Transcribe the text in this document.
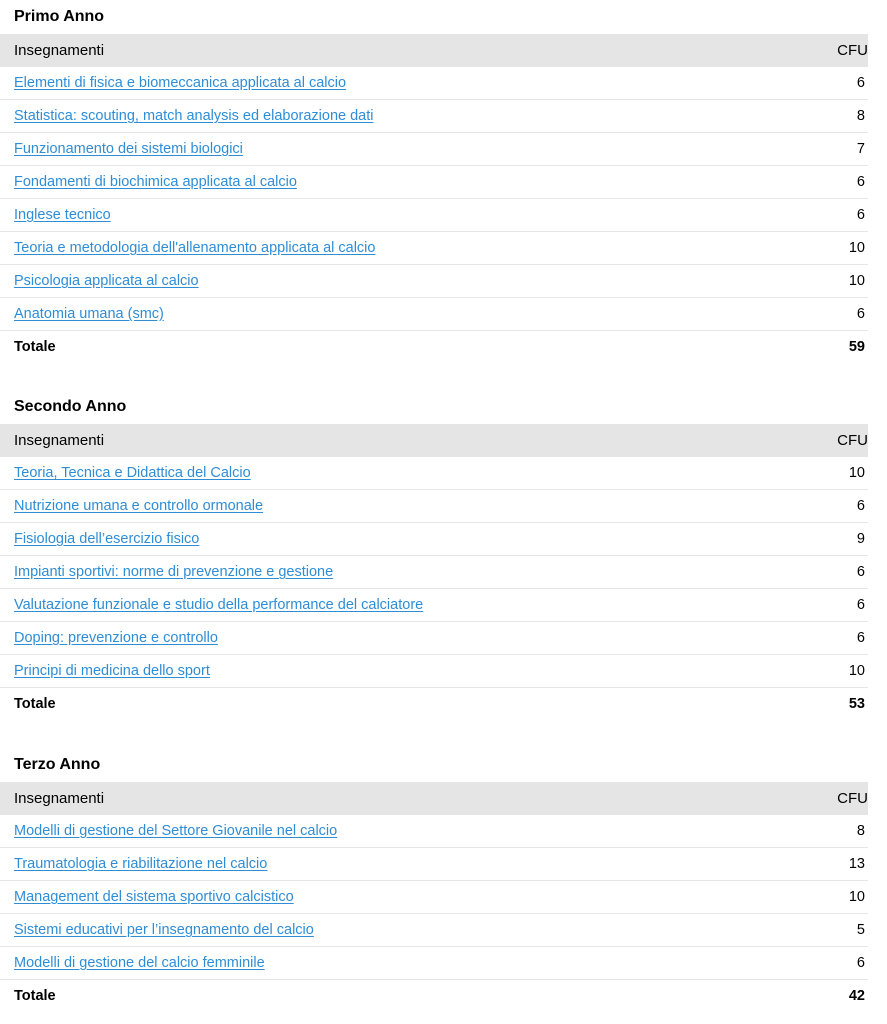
Primo Anno
Insegnamenti	CFU
Elementi di fisica e biomeccanica applicata al calcio	6
Statistica: scouting, match analysis ed elaborazione dati	8
Funzionamento dei sistemi biologici	7
Fondamenti di biochimica applicata al calcio	6
Inglese tecnico	6
Teoria e metodologia dell'allenamento applicata al calcio	10
Psicologia applicata al calcio	10
Anatomia umana (smc)	6
Totale	59
Secondo Anno
Insegnamenti	CFU
Teoria, Tecnica e Didattica del Calcio	10
Nutrizione umana e controllo ormonale	6
Fisiologia dell’esercizio fisico	9
Impianti sportivi: norme di prevenzione e gestione	6
Valutazione funzionale e studio della performance del calciatore	6
Doping: prevenzione e controllo	6
Principi di medicina dello sport	10
Totale	53
Terzo Anno
Insegnamenti	CFU
Modelli di gestione del Settore Giovanile nel calcio	8
Traumatologia e riabilitazione nel calcio	13
Management del sistema sportivo calcistico	10
Sistemi educativi per l’insegnamento del calcio	5
Modelli di gestione del calcio femminile	6
Totale	42
